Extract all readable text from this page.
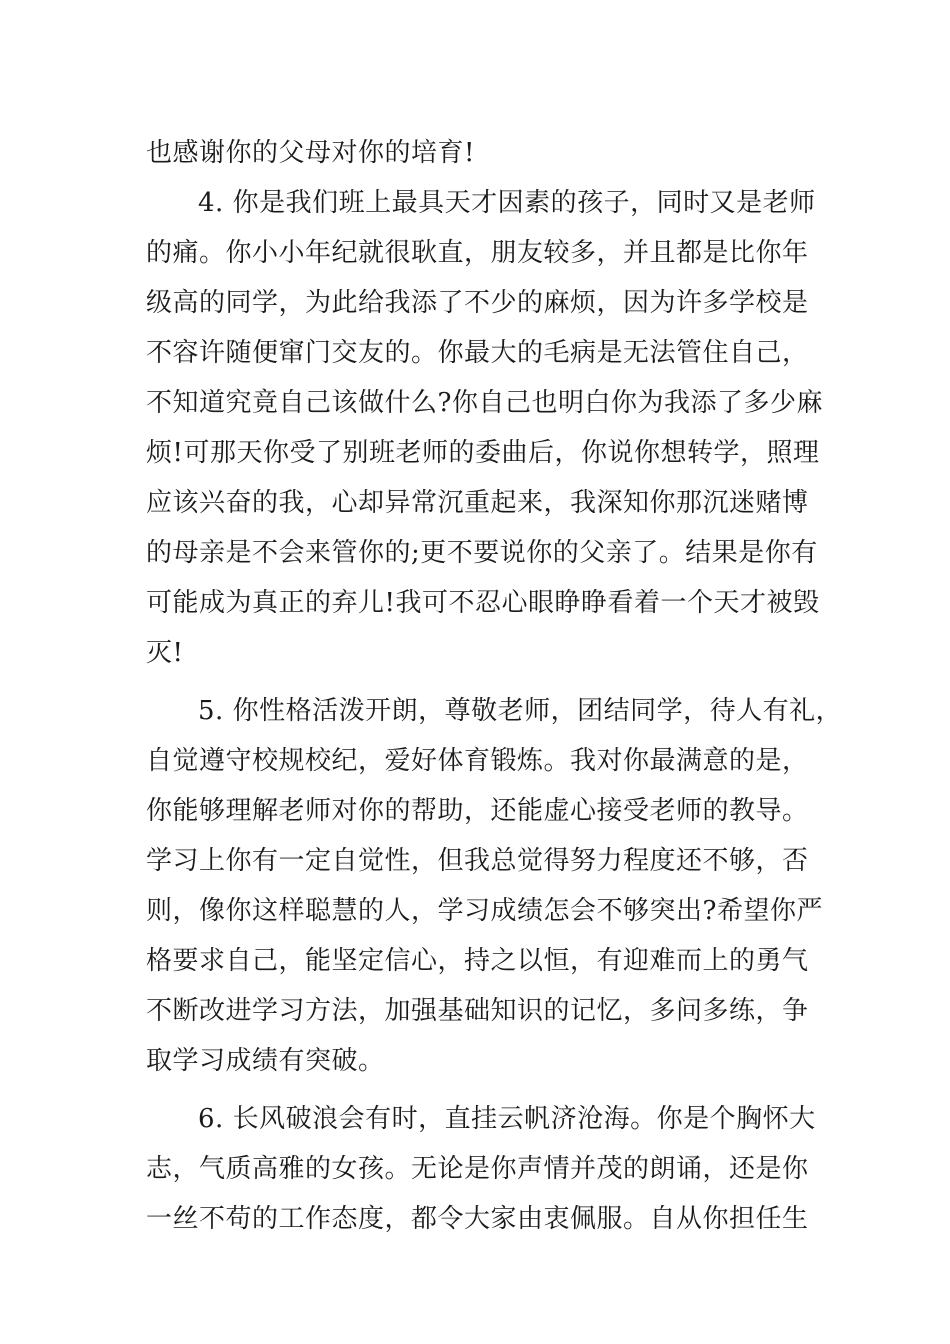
也感谢你的父母对你的培育!
4. 你是我们班上最具天才因素的孩子，同时又是老师
的痛。你小小年纪就很耿直，朋友较多，并且都是比你年
级高的同学，为此给我添了不少的麻烦，因为许多学校是
不容许随便窜门交友的。你最大的毛病是无法管住自己，
不知道究竟自己该做什么?你自己也明白你为我添了多少麻
烦!可那天你受了别班老师的委曲后，你说你想转学，照理
应该兴奋的我，心却异常沉重起来，我深知你那沉迷赌博
的母亲是不会来管你的;更不要说你的父亲了。结果是你有
可能成为真正的弃儿!我可不忍心眼睁睁看着一个天才被毁
灭!
5. 你性格活泼开朗，尊敬老师，团结同学，待人有礼，
自觉遵守校规校纪，爱好体育锻炼。我对你最满意的是，
你能够理解老师对你的帮助，还能虚心接受老师的教导。
学习上你有一定自觉性，但我总觉得努力程度还不够，否
则，像你这样聪慧的人，学习成绩怎会不够突出?希望你严
格要求自己，能坚定信心，持之以恒，有迎难而上的勇气
不断改进学习方法，加强基础知识的记忆，多问多练，争
取学习成绩有突破。
6. 长风破浪会有时，直挂云帆济沧海。你是个胸怀大
志，气质高雅的女孩。无论是你声情并茂的朗诵，还是你
一丝不苟的工作态度，都令大家由衷佩服。自从你担任生
